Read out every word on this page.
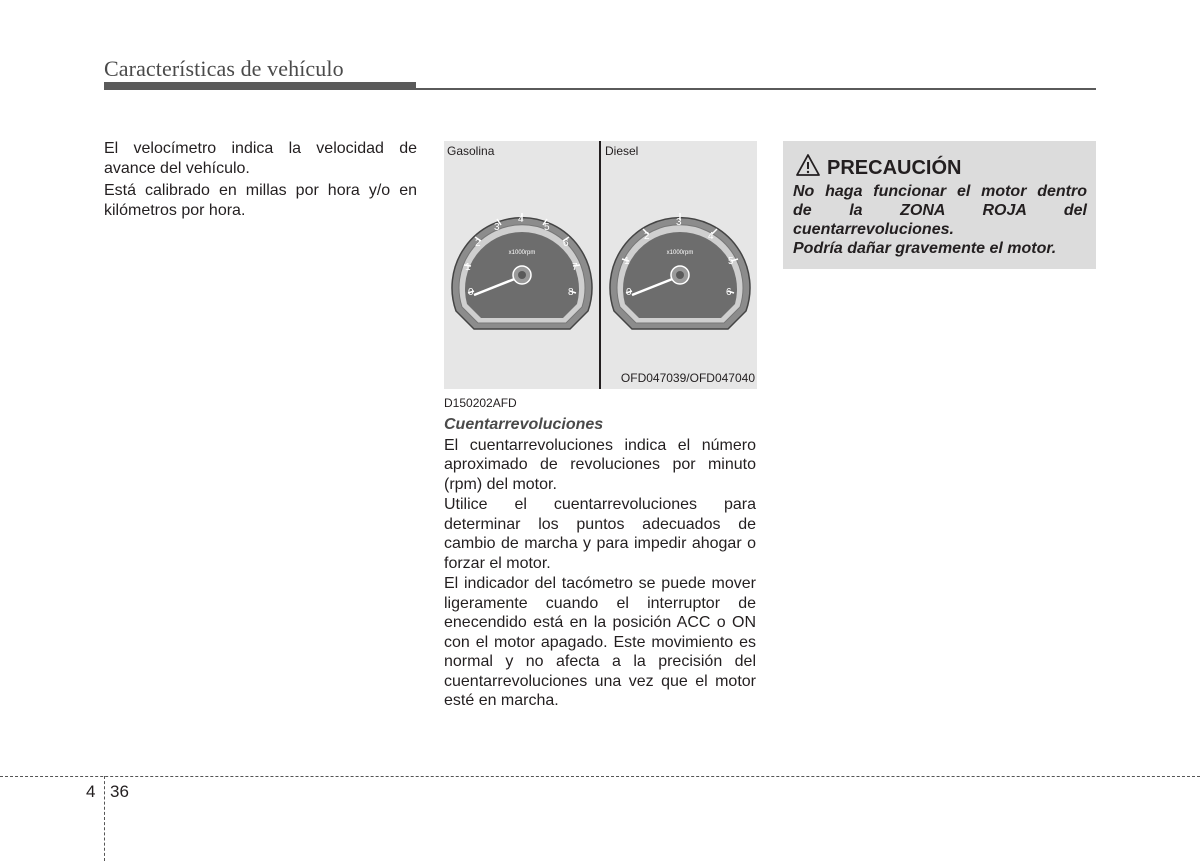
Características de vehículo

El velocímetro indica la velocidad de avance del vehículo.

Está calibrado en millas por hora y/o en kilómetros por hora.

Gasolina	Diesel
0
1
2
3
4
5
6
7
8
x1000rpm
0
1
2
3
4
5
6
x1000rpm
OFD047039/OFD047040
D150202AFD

Cuentarrevoluciones

El cuentarrevoluciones indica el número aproximado de revoluciones por minuto (rpm) del motor.

Utilice el cuentarrevoluciones para determinar los puntos adecuados de cambio de marcha y para impedir ahogar o forzar el motor.

El indicador del tacómetro se puede mover ligeramente cuando el interruptor de enecendido está en la posición ACC o ON con el motor apagado. Este movimiento es normal y no afecta a la precisión del cuentarrevoluciones una vez que el motor esté en marcha.

PRECAUCIÓN
No haga funcionar el motor dentro
de la ZONA ROJA del
cuentarrevoluciones.
Podría dañar gravemente el motor.
4 36
